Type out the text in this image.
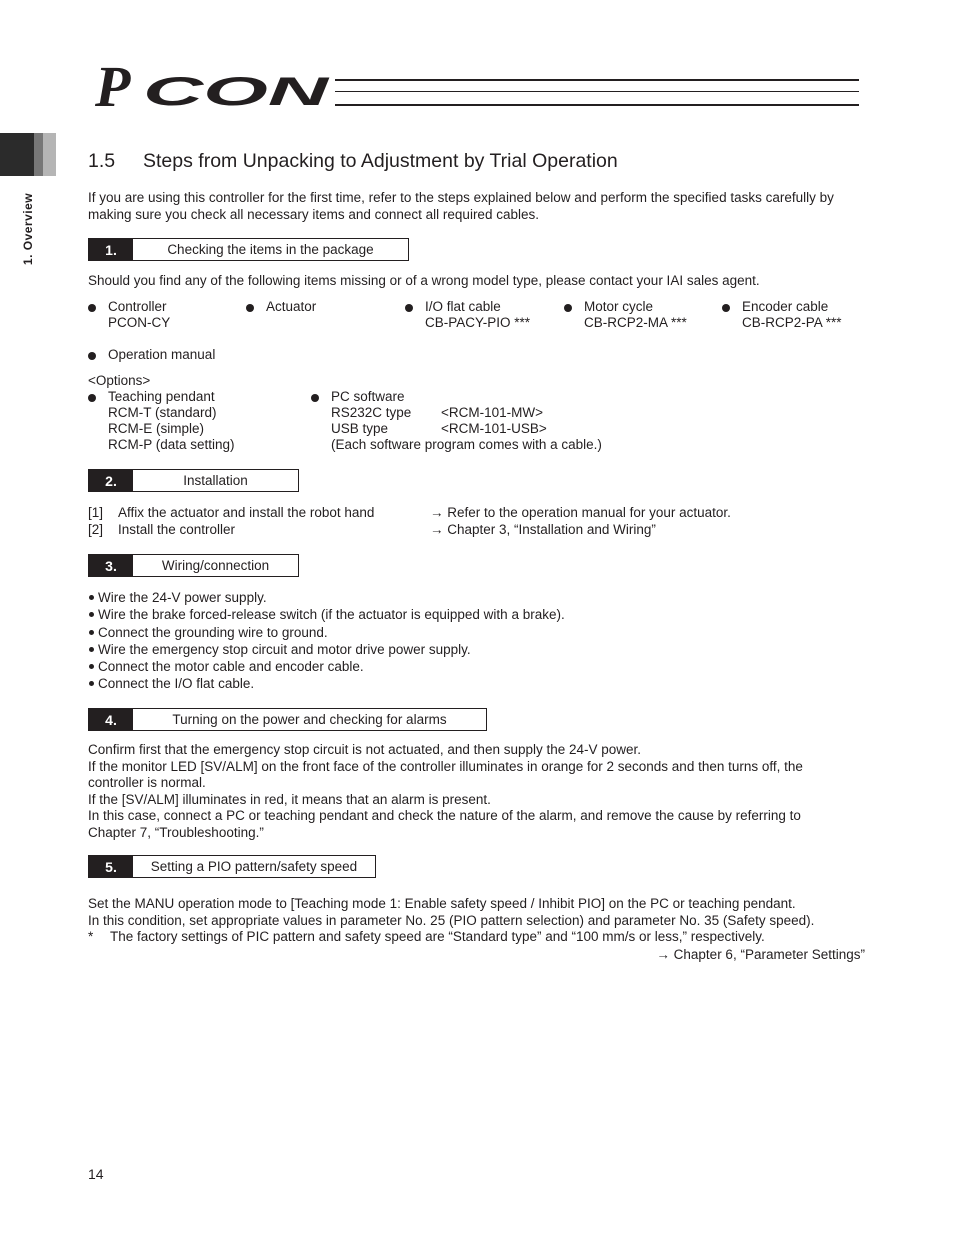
P CON
1. Overview
1.5 Steps from Unpacking to Adjustment by Trial Operation
If you are using this controller for the first time, refer to the steps explained below and perform the specified tasks carefully by
making sure you check all necessary items and connect all required cables.
1.	Checking the items in the package
Should you find any of the following items missing or of a wrong model type, please contact your IAI sales agent.
Controller
PCON-CY
Actuator	I/O flat cable
CB-PACY-PIO ***
Motor cycle
CB-RCP2-MA ***
Encoder cable
CB-RCP2-PA ***
Operation manual
<Options>
Teaching pendant
RCM-T (standard)
RCM-E (simple)
RCM-P (data setting)
PC software
RS232C type <RCM-101-MW>
USB type	<RCM-101-USB>
(Each software program comes with a cable.)
2.	Installation
[1] Affix the actuator and install the robot hand	→ Refer to the operation manual for your actuator.
[2] Install the controller	→ Chapter 3, “Installation and Wiring”
3.	Wiring/connection
Wire the 24-V power supply.
Wire the brake forced-release switch (if the actuator is equipped with a brake).
Connect the grounding wire to ground.
Wire the emergency stop circuit and motor drive power supply.
Connect the motor cable and encoder cable.
Connect the I/O flat cable.
4.	Turning on the power and checking for alarms
Confirm first that the emergency stop circuit is not actuated, and then supply the 24-V power.
If the monitor LED [SV/ALM] on the front face of the controller illuminates in orange for 2 seconds and then turns off, the
controller is normal.
If the [SV/ALM] illuminates in red, it means that an alarm is present.
In this case, connect a PC or teaching pendant and check the nature of the alarm, and remove the cause by referring to
Chapter 7, “Troubleshooting.”
5.	Setting a PIO pattern/safety speed
Set the MANU operation mode to [Teaching mode 1: Enable safety speed / Inhibit PIO] on the PC or teaching pendant.
In this condition, set appropriate values in parameter No. 25 (PIO pattern selection) and parameter No. 35 (Safety speed).
* The factory settings of PIC pattern and safety speed are “Standard type” and “100 mm/s or less,” respectively.
→ Chapter 6, “Parameter Settings”
14
